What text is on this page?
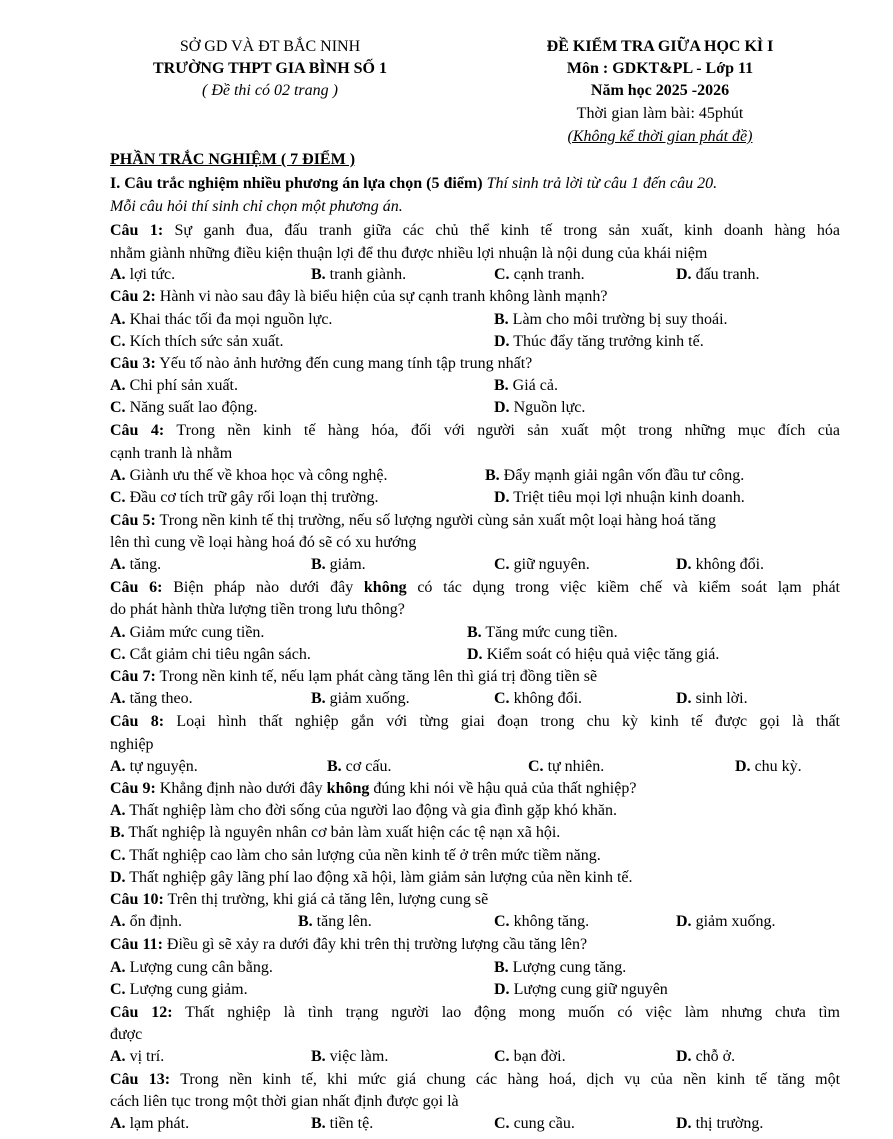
SỞ GD VÀ ĐT BẮC NINH
TRƯỜNG THPT GIA BÌNH SỐ 1
( Đề thi có 02 trang )
ĐỀ KIỂM TRA GIỮA HỌC KÌ I
Môn : GDKT&PL - Lớp 11
Năm học 2025 -2026
Thời gian làm bài: 45phút
(Không kể thời gian phát đề)
PHẦN TRẮC NGHIỆM ( 7 ĐIỂM )
I. Câu trắc nghiệm nhiều phương án lựa chọn (5 điểm) Thí sinh trả lời từ câu 1 đến câu 20.
Mỗi câu hỏi thí sinh chỉ chọn một phương án.
Câu 1: Sự ganh đua, đấu tranh giữa các chủ thể kinh tế trong sản xuất, kinh doanh hàng hóa
nhằm giành những điều kiện thuận lợi để thu được nhiều lợi nhuận là nội dung của khái niệm
A. lợi tức.	B. tranh giành.	C. cạnh tranh.	D. đấu tranh.
Câu 2: Hành vi nào sau đây là biểu hiện của sự cạnh tranh không lành mạnh?
A. Khai thác tối đa mọi nguồn lực.	B. Làm cho môi trường bị suy thoái.
C. Kích thích sức sản xuất.	D. Thúc đẩy tăng trưởng kinh tế.
Câu 3: Yếu tố nào ảnh hưởng đến cung mang tính tập trung nhất?
A. Chi phí sản xuất.	B. Giá cả.
C. Năng suất lao động.	D. Nguồn lực.
Câu 4: Trong nền kinh tế hàng hóa, đối với người sản xuất một trong những mục đích của
cạnh tranh là nhằm
A. Giành ưu thế về khoa học và công nghệ.	B. Đẩy mạnh giải ngân vốn đầu tư công.
C. Đầu cơ tích trữ gây rối loạn thị trường.	D. Triệt tiêu mọi lợi nhuận kinh doanh.
Câu 5: Trong nền kinh tế thị trường, nếu số lượng người cùng sản xuất một loại hàng hoá tăng
lên thì cung về loại hàng hoá đó sẽ có xu hướng
A. tăng.	B. giảm.	C. giữ nguyên.	D. không đổi.
Câu 6: Biện pháp nào dưới đây không có tác dụng trong việc kiềm chế và kiểm soát lạm phát
do phát hành thừa lượng tiền trong lưu thông?
A. Giảm mức cung tiền.	B. Tăng mức cung tiền.
C. Cắt giảm chi tiêu ngân sách.	D. Kiểm soát có hiệu quả việc tăng giá.
Câu 7: Trong nền kinh tế, nếu lạm phát càng tăng lên thì giá trị đồng tiền sẽ
A. tăng theo.	B. giảm xuống.	C. không đổi.	D. sinh lời.
Câu 8: Loại hình thất nghiệp gắn với từng giai đoạn trong chu kỳ kinh tế được gọi là thất
nghiệp
A. tự nguyện.	B. cơ cấu.	C. tự nhiên.	D. chu kỳ.
Câu 9: Khẳng định nào dưới đây không đúng khi nói về hậu quả của thất nghiệp?
A. Thất nghiệp làm cho đời sống của người lao động và gia đình gặp khó khăn.
B. Thất nghiệp là nguyên nhân cơ bản làm xuất hiện các tệ nạn xã hội.
C. Thất nghiệp cao làm cho sản lượng của nền kinh tế ở trên mức tiềm năng.
D. Thất nghiệp gây lãng phí lao động xã hội, làm giảm sản lượng của nền kinh tế.
Câu 10: Trên thị trường, khi giá cả tăng lên, lượng cung sẽ
A. ổn định.	B. tăng lên.	C. không tăng.	D. giảm xuống.
Câu 11: Điều gì sẽ xảy ra dưới đây khi trên thị trường lượng cầu tăng lên?
A. Lượng cung cân bằng.	B. Lượng cung tăng.
C. Lượng cung giảm.	D. Lượng cung giữ nguyên
Câu 12: Thất nghiệp là tình trạng người lao động mong muốn có việc làm nhưng chưa tìm
được
A. vị trí.	B. việc làm.	C. bạn đời.	D. chỗ ở.
Câu 13: Trong nền kinh tế, khi mức giá chung các hàng hoá, dịch vụ của nền kinh tế tăng một
cách liên tục trong một thời gian nhất định được gọi là
A. lạm phát.	B. tiền tệ.	C. cung cầu.	D. thị trường.
